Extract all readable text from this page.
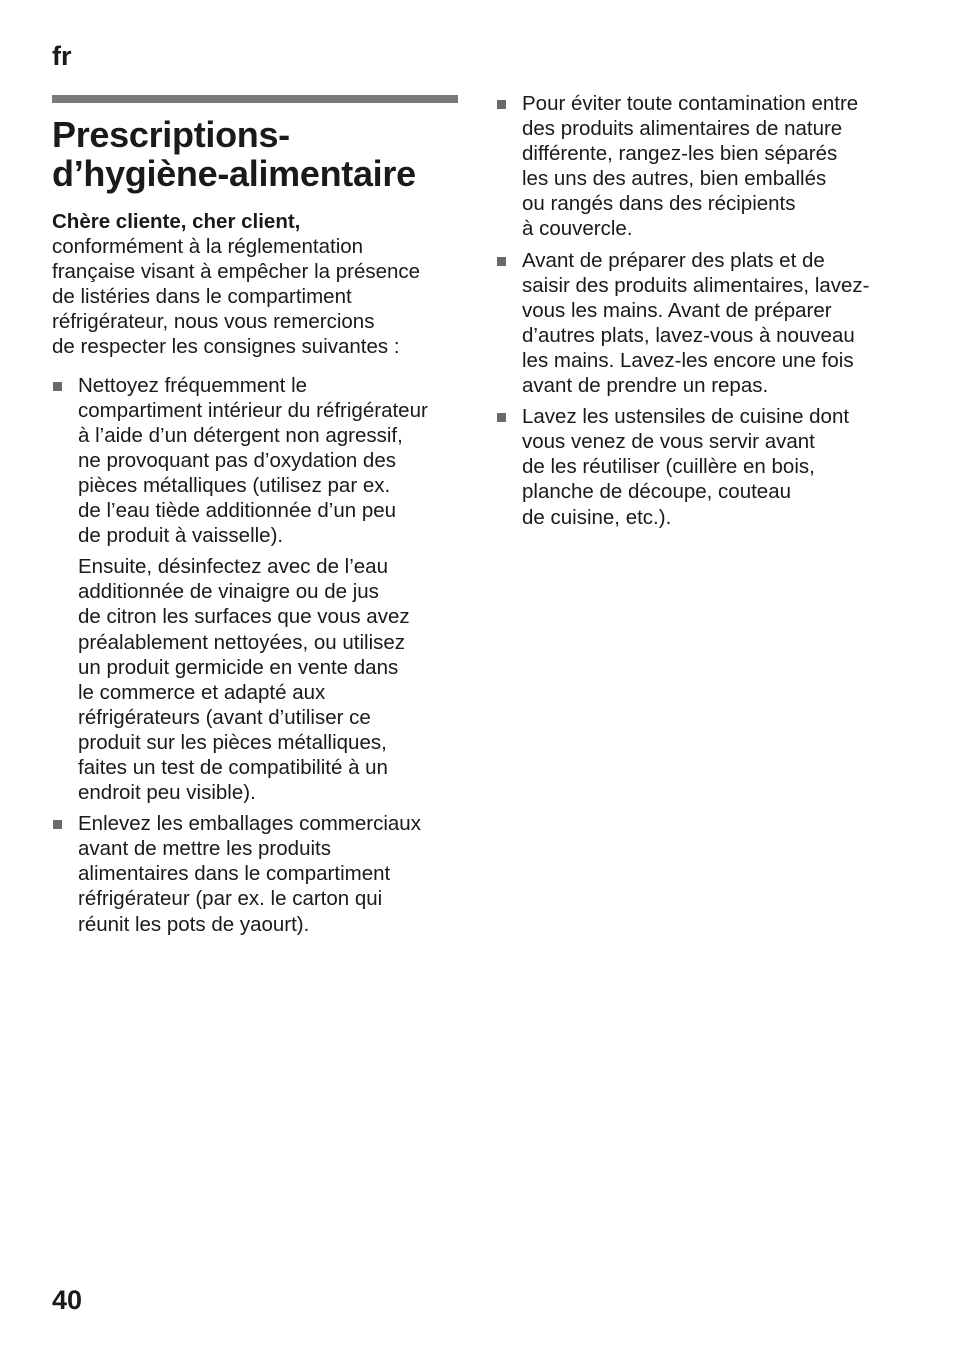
fr
Prescriptions-
d’hygiène-alimentaire
Chère cliente, cher client,
conformément à la réglementation
française visant à empêcher la présence
de listéries dans le compartiment
réfrigérateur, nous vous remercions
de respecter les consignes suivantes :
Nettoyez fréquemment le
compartiment intérieur du réfrigérateur
à l’aide d’un détergent non agressif,
ne provoquant pas d’oxydation des
pièces métalliques (utilisez par ex.
de l’eau tiède additionnée d’un peu
de produit à vaisselle).
Ensuite, désinfectez avec de l’eau
additionnée de vinaigre ou de jus
de citron les surfaces que vous avez
préalablement nettoyées, ou utilisez
un produit germicide en vente dans
le commerce et adapté aux
réfrigérateurs (avant d’utiliser ce
produit sur les pièces métalliques,
faites un test de compatibilité à un
endroit peu visible).
Enlevez les emballages commerciaux
avant de mettre les produits
alimentaires dans le compartiment
réfrigérateur (par ex. le carton qui
réunit les pots de yaourt).
Pour éviter toute contamination entre
des produits alimentaires de nature
différente, rangez-les bien séparés
les uns des autres, bien emballés
ou rangés dans des récipients
à couvercle.
Avant de préparer des plats et de
saisir des produits alimentaires, lavez-
vous les mains. Avant de préparer
d’autres plats, lavez-vous à nouveau
les mains. Lavez-les encore une fois
avant de prendre un repas.
Lavez les ustensiles de cuisine dont
vous venez de vous servir avant
de les réutiliser (cuillère en bois,
planche de découpe, couteau
de cuisine, etc.).
40
